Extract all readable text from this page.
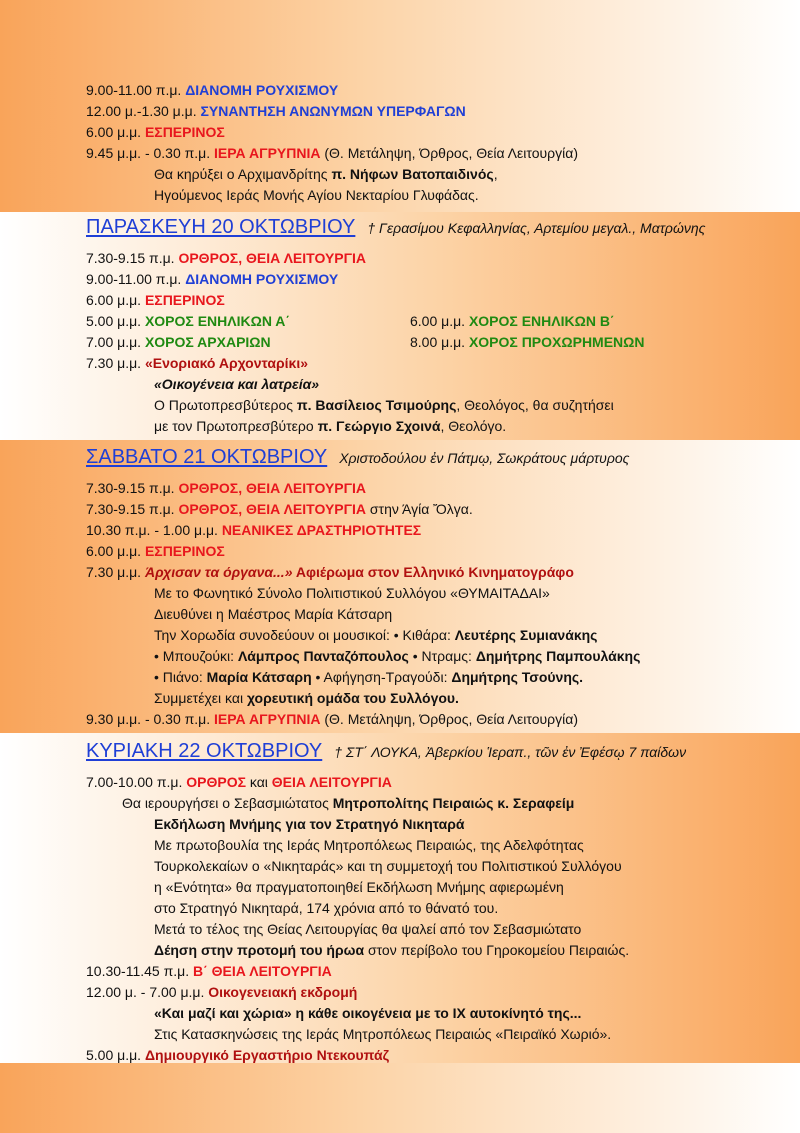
9.00-11.00 π.μ. ΔΙΑΝΟΜΗ ΡΟΥΧΙΣΜΟΥ
12.00 μ.-1.30 μ.μ. ΣΥΝΑΝΤΗΣΗ ΑΝΩΝΥΜΩΝ ΥΠΕΡΦΑΓΩΝ
6.00 μ.μ. ΕΣΠΕΡΙΝΟΣ
9.45 μ.μ. - 0.30 π.μ. ΙΕΡΑ ΑΓΡΥΠΝΙΑ (Θ. Μετάληψη, Όρθρος, Θεία Λειτουργία)
Θα κηρύξει ο Αρχιμανδρίτης π. Νήφων Βατοπαιδινός,
Ηγούμενος Ιεράς Μονής Αγίου Νεκταρίου Γλυφάδας.
ΠΑΡΑΣΚΕΥΗ 20 ΟΚΤΩΒΡΙΟΥ † Γερασίμου Κεφαλληνίας, Αρτεμίου μεγαλ., Ματρώνης
7.30-9.15 π.μ. ΟΡΘΡΟΣ, ΘΕΙΑ ΛΕΙΤΟΥΡΓΙΑ
9.00-11.00 π.μ. ΔΙΑΝΟΜΗ ΡΟΥΧΙΣΜΟΥ
6.00 μ.μ. ΕΣΠΕΡΙΝΟΣ
5.00 μ.μ. ΧΟΡΟΣ ΕΝΗΛΙΚΩΝ Α΄	6.00 μ.μ. ΧΟΡΟΣ ΕΝΗΛΙΚΩΝ Β΄
7.00 μ.μ. ΧΟΡΟΣ ΑΡΧΑΡΙΩΝ	8.00 μ.μ. ΧΟΡΟΣ ΠΡΟΧΩΡΗΜΕΝΩΝ
7.30 μ.μ. «Ενοριακό Αρχονταρίκι»
«Οικογένεια και λατρεία»
Ο Πρωτοπρεσβύτερος π. Βασίλειος Τσιμούρης, Θεολόγος, θα συζητήσει
με τον Πρωτοπρεσβύτερο π. Γεώργιο Σχοινά, Θεολόγο.
ΣΑΒΒΑΤΟ 21 ΟΚΤΩΒΡΙΟΥ Χριστοδούλου ἐν Πάτμῳ, Σωκράτους μάρτυρος
7.30-9.15 π.μ. ΟΡΘΡΟΣ, ΘΕΙΑ ΛΕΙΤΟΥΡΓΙΑ
7.30-9.15 π.μ. ΟΡΘΡΟΣ, ΘΕΙΑ ΛΕΙΤΟΥΡΓΙΑ στην Άγία Ὄλγα.
10.30 π.μ. - 1.00 μ.μ. ΝΕΑΝΙΚΕΣ ΔΡΑΣΤΗΡΙΟΤΗΤΕΣ
6.00 μ.μ. ΕΣΠΕΡΙΝΟΣ
7.30 μ.μ. Άρχισαν τα όργανα...» Αφιέρωμα στον Ελληνικό Κινηματογράφο
Με το Φωνητικό Σύνολο Πολιτιστικού Συλλόγου «ΘΥΜΑΙΤΑΔΑΙ»
Διευθύνει η Μαέστρος Μαρία Κάτσαρη
Την Χορωδία συνοδεύουν οι μουσικοί: • Κιθάρα: Λευτέρης Συμιανάκης
• Μπουζούκι: Λάμπρος Πανταζόπουλος • Ντραμς: Δημήτρης Παμπουλάκης
• Πιάνο: Μαρία Κάτσαρη • Αφήγηση-Τραγούδι: Δημήτρης Τσούνης.
Συμμετέχει και χορευτική ομάδα του Συλλόγου.
9.30 μ.μ. - 0.30 π.μ. ΙΕΡΑ ΑΓΡΥΠΝΙΑ (Θ. Μετάληψη, Όρθρος, Θεία Λειτουργία)
ΚΥΡΙΑΚΗ 22 ΟΚΤΩΒΡΙΟΥ † ΣΤ΄ ΛΟΥΚΑ, Ἀβερκίου Ἱεραπ., τῶν ἐν Ἐφέσῳ 7 παίδων
7.00-10.00 π.μ. ΟΡΘΡΟΣ και ΘΕΙΑ ΛΕΙΤΟΥΡΓΙΑ
Θα ιερουργήσει ο Σεβασμιώτατος Μητροπολίτης Πειραιώς κ. Σεραφείμ
Εκδήλωση Μνήμης για τον Στρατηγό Νικηταρά
Με πρωτοβουλία της Ιεράς Μητροπόλεως Πειραιώς, της Αδελφότητας
Τουρκολεκαίων ο «Νικηταράς» και τη συμμετοχή του Πολιτιστικού Συλλόγου
η «Ενότητα» θα πραγματοποιηθεί Εκδήλωση Μνήμης αφιερωμένη
στο Στρατηγό Νικηταρά, 174 χρόνια από το θάνατό του.
Μετά το τέλος της Θείας Λειτουργίας θα ψαλεί από τον Σεβασμιώτατο
Δέηση στην προτομή του ήρωα στον περίβολο του Γηροκομείου Πειραιώς.
10.30-11.45 π.μ. Β΄ ΘΕΙΑ ΛΕΙΤΟΥΡΓΙΑ
12.00 μ. - 7.00 μ.μ. Οικογενειακή εκδρομή
«Και μαζί και χώρια» η κάθε οικογένεια με το ΙΧ αυτοκίνητό της...
Στις Κατασκηνώσεις της Ιεράς Μητροπόλεως Πειραιώς «Πειραϊκό Χωριό».
5.00 μ.μ. Δημιουργικό Εργαστήριο Ντεκουπάζ
